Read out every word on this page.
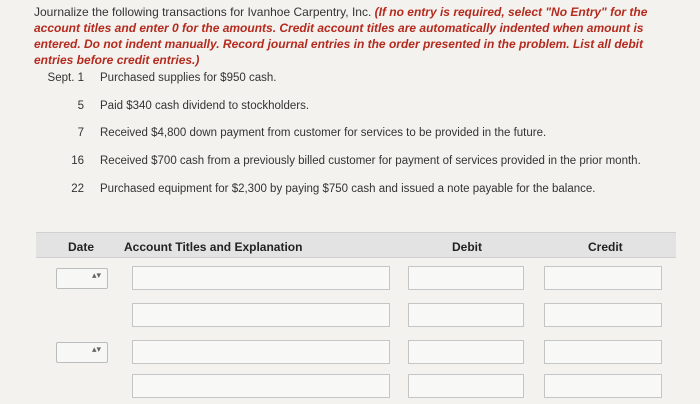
Journalize the following transactions for Ivanhoe Carpentry, Inc. (If no entry is required, select "No Entry" for the account titles and enter 0 for the amounts. Credit account titles are automatically indented when amount is entered. Do not indent manually. Record journal entries in the order presented in the problem. List all debit entries before credit entries.)
Sept. 1 Purchased supplies for $950 cash.
5 Paid $340 cash dividend to stockholders.
7 Received $4,800 down payment from customer for services to be provided in the future.
16 Received $700 cash from a previously billed customer for payment of services provided in the prior month.
22 Purchased equipment for $2,300 by paying $750 cash and issued a note payable for the balance.
Date Account Titles and Explanation	Debit	Credit
▴▾
▴▾
